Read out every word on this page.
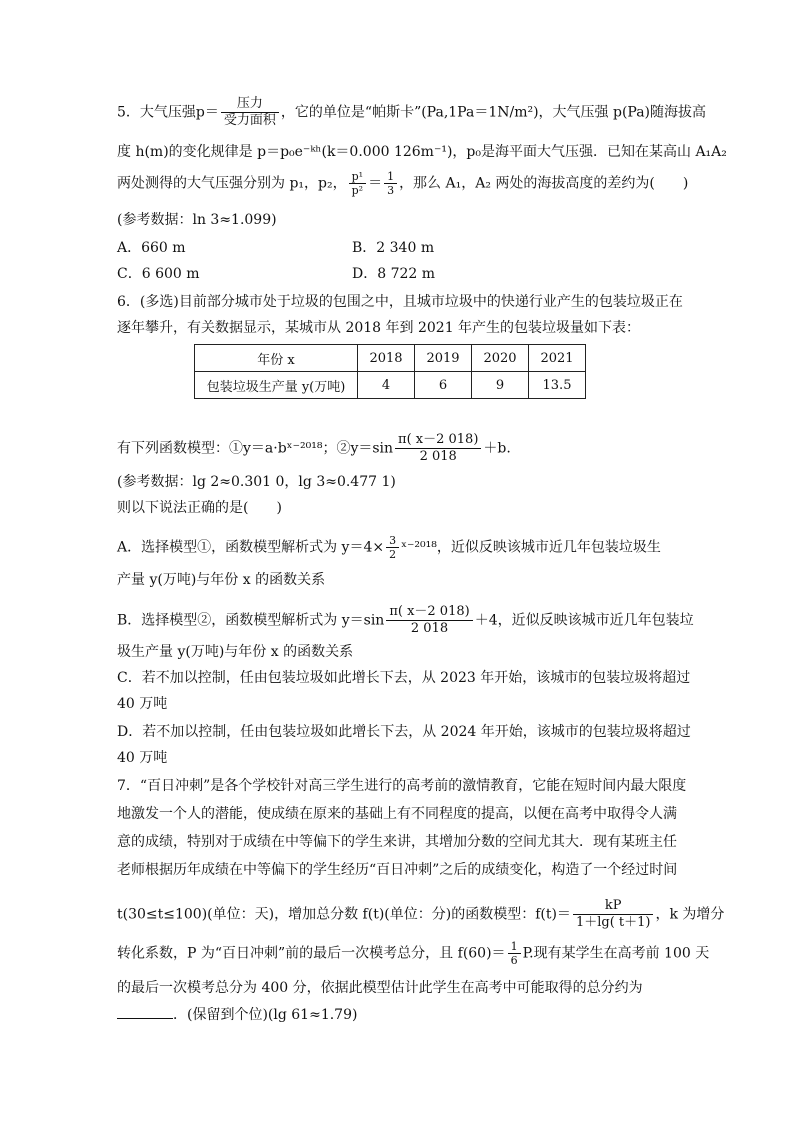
5．大气压强$p= \frac{\text{压力}}{\text{受力面积}}$ ，它的单位是“帕斯卡”(Pa,1Pa＝1N/m²)，大气压强 p(Pa)随海拔高
度 h(m)的变化规律是 p＝p₀e⁻ᵏʰ(k＝0.000 126m⁻¹)，p₀是海平面大气压强．已知在某高山 A₁A₂
两处测得的大气压强分别为 p₁，p₂， $\frac{\text{p¹}}{\text{p²}} = \frac{1}{3}$ ，那么 A₁，A₂ 两处的海拔高度的差约为(　　)
(参考数据：ln 3≈1.099)
A．660 m	B．2 340 m
C．6 600 m	D．8 722 m
6．(多选)目前部分城市处于垃圾的包围之中，且城市垃圾中的快递行业产生的包装垃圾正在
逐年攀升，有关数据显示，某城市从 2018 年到 2021 年产生的包装垃圾量如下表：
年份 x	2018	2019	2020	2021
包装垃圾生产量 y(万吨)	4	6	9	13.5
有下列函数模型：①y＝a·bˣ⁻²⁰¹⁸；②y＝sin $\frac{\pi( x-2 018)}{2 018} +b$.
(参考数据：lg 2≈0.301 0，lg 3≈0.477 1)
则以下说法正确的是(　　)
A．选择模型①，函数模型解析式为 $y=4\times \frac{3}{2}$ ˣ⁻²⁰¹⁸，近似反映该城市近几年包装垃圾生
产量 y(万吨)与年份 x 的函数关系
B．选择模型②，函数模型解析式为 $y=\sin \frac{\pi( x-2 018)}{2 018} +4$，近似反映该城市近几年包装垃
圾生产量 y(万吨)与年份 x 的函数关系
C．若不加以控制，任由包装垃圾如此增长下去，从 2023 年开始，该城市的包装垃圾将超过
40 万吨
D．若不加以控制，任由包装垃圾如此增长下去，从 2024 年开始，该城市的包装垃圾将超过
40 万吨
7．“百日冲刺”是各个学校针对高三学生进行的高考前的激情教育，它能在短时间内最大限度
地激发一个人的潜能，使成绩在原来的基础上有不同程度的提高，以便在高考中取得令人满
意的成绩，特别对于成绩在中等偏下的学生来讲，其增加分数的空间尤其大．现有某班主任
老师根据历年成绩在中等偏下的学生经历“百日冲刺”之后的成绩变化，构造了一个经过时间
t(30≤t≤100)(单位：天)，增加总分数 f(t)(单位：分)的函数模型：$f(t)= \frac{kP}{1+\lg( t+1)}$ ，k 为增分
转化系数，P 为“百日冲刺”前的最后一次模考总分，且 $f(60)= \frac{1}{6} P$.现有某学生在高考前 100 天
的最后一次模考总分为 400 分，依据此模型估计此学生在高考中可能取得的总分约为
．(保留到个位)(lg 61≈1.79)
